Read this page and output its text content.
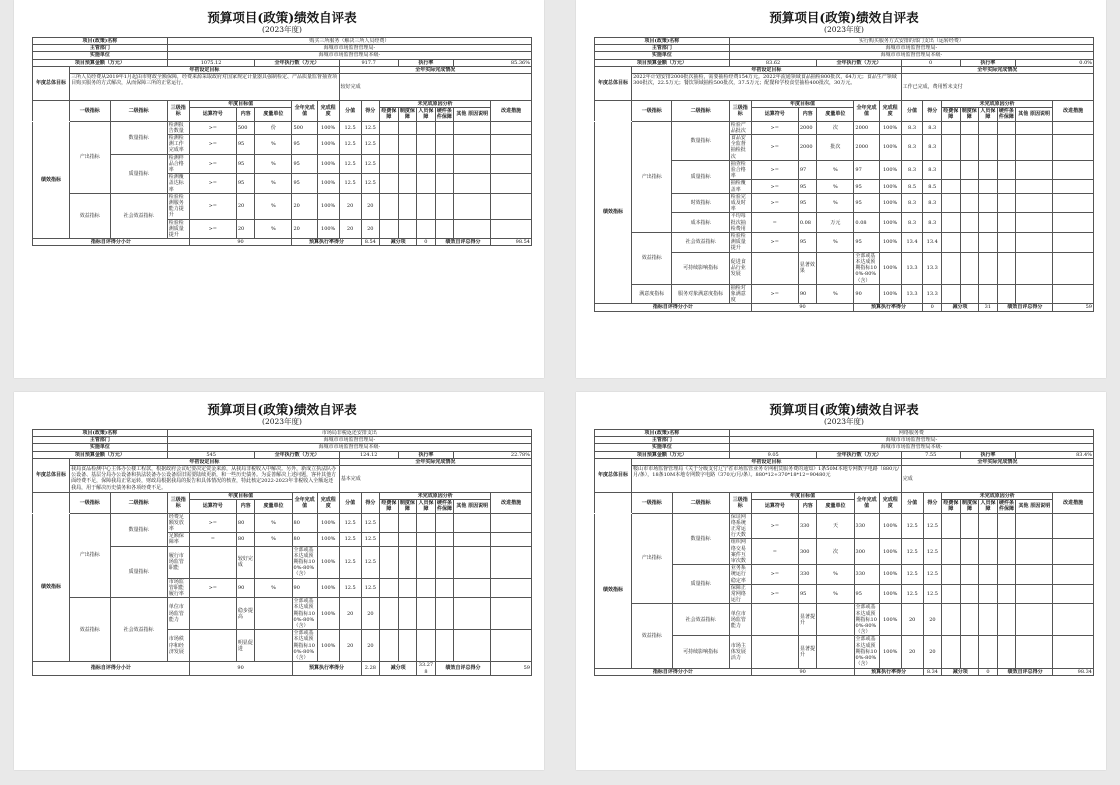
预算项目(政策)绩效自评表
(2023年度)
项目(政策)名称			购买三所服务（解决三所人员经费）													
主管部门			海城市市场监督管理局-													
实施单位			海城市市场监督管理局本级-													
项目预算金额（万元）			1075.12			全年执行数（万元）			917.7			执行率			85.36%	
年度总体目标	年初设定目标								全年实际完成情况							
	三所人员经费从2019年1月起由市财政全额保障，经费来源采取政府对国家规定计量器具强制检定、产品质量监督抽查项目购买服务的方式解决，从而保障三所的正常运行。								较好完成							
	一级指标	二级指标	三级指标	年度目标值			全年完成值	完成程度	分值	得分	未完成原因分析					改进措施
				运算符号	内容	度量单位					经费保障	制度保障	人员保障	硬件条件保障	其他 原因说明	
绩效指标	产出指标	数量指标	检测报告数量	>=	500	份	500	100%	12.5	12.5						
			检测检测工作完成率	>=	95	%	95	100%	12.5	12.5						
		质量指标	检测样品合格率	>=	95	%	95	100%	12.5	12.5						
			检测覆盖达标率	>=	95	%	95	100%	12.5	12.5						
	效益指标	社会效益指标	检验检测服务能力提升	>=	20	%	20	100%	20	20						
			检验检测质量提升	>=	20	%	20	100%	20	20						
指标自评得分小计				90			预算执行率得分			8.54	减分项		0	绩效自评总得分		98.54
预算项目(政策)绩效自评表
(2023年度)
项目(政策)名称			实行购买服务方式安排的部门支出（运转经费）													
主管部门			海城市市场监督管理局-													
实施单位			海城市市场监督管理局本级-													
项目预算金额（万元）			83.62			全年执行数（万元）			0			执行率			0.0%	
年度总体目标	年初设定目标								全年实际完成情况							
	2022年计划安排2000批次抽检，需要抽检经费154万元。2022年流通领域食品抽检800批次，64万元；食品生产领域300批次，22.5万元；餐饮领域抽检500批次，37.5万元；配餐和学校食堂抽检400批次，30万元。								工作已完成，费用暂未支付							
	一级指标	二级指标	三级指标	年度目标值			全年完成值	完成程度	分值	得分	未完成原因分析					改进措施
				运算符号	内容	度量单位					经费保障	制度保障	人员保障	硬件条件保障	其他 原因说明	
绩效指标	产出指标	数量指标	检验产品批次	>=	2000	次	2000	100%	8.3	8.3						
			食品安全监督抽检批次	>=	2000	批次	2000	100%	8.3	8.3						
		质量指标	抽查检验合格率	>=	97	%	97	100%	8.3	8.3						
			抽检覆盖率	>=	95	%	95	100%	8.5	8.5						
		时效指标	检验完成及时率	>=	95	%	95	100%	8.3	8.3						
		成本指标	平均每批次抽检费用	=	0.08	万元	0.08	100%	8.3	8.3						
	效益指标	社会效益指标	检验检测质量提升	>=	95	%	95	100%	13.4	13.4						
		可持续影响指标	促进食品行业发展		显著效果		全部或基本达成预期指标100%-80%（含）	100%	13.3	13.3						
	满意度指标	服务对象满意度指标	抽检对象满意度	>=	90	%	90	100%	13.3	13.3						
指标自评得分小计				90			预算执行率得分			0	减分项		31	绩效自评总得分		59
预算项目(政策)绩效自评表
(2023年度)
项目(政策)名称			市场局非税返还安排支出													
主管部门			海城市市场监督管理局-													
实施单位			海城市市场监督管理局本级-													
项目预算金额（万元）			545			全年执行数（万元）			124.12			执行率			22.78%	
年度总体目标	年初设定目标								全年实际完成情况							
	我局食品检测中心主体办公楼工程款，根据政府会议纪要决定资金来源，从我局非税收入中解决。另外，新成立执法队办公设备、基层分局办公设备和执法装备办公设备原旧需要陆续更新，和一些历史债务。为妥善解决上述问题，客补其他方面经费不足，保障我局正常运转，财政局根据我局的报告和具体情况的核查，特此核定2022-2023年非税收入全额返还我局，用于解决历史债务和各项经费不足。								基本完成							
	一级指标	二级指标	三级指标	年度目标值			全年完成值	完成程度	分值	得分	未完成原因分析					改进措施
				运算符号	内容	度量单位					经费保障	制度保障	人员保障	硬件条件保障	其他 原因说明	
绩效指标	产出指标	数量指标	经费足额发放率	>=	80	%	80	100%	12.5	12.5						
			足额保障率	=	80	%	80	100%	12.5	12.5						
		质量指标	履行市场监管职能		较好完成		全部或基本达成预期指标100%-80%（含）	100%	12.5	12.5						
			市场监管职能履行率	>=	90	%	90	100%	12.5	12.5						
	效益指标	社会效益指标	单位市场监管能力		稳步提高		全部或基本达成预期指标100%-80%（含）	100%	20	20						
			市场秩序和经济发展		明显促进		全部或基本达成预期指标100%-80%（含）	100%	20	20						
指标自评得分小计				90			预算执行率得分			2.28	减分项		33.278	绩效自评总得分		59
预算项目(政策)绩效自评表
(2023年度)
项目(政策)名称			网络服务费													
主管部门			海城市市场监督管理局-													
实施单位			海城市市场监督管理局本级-													
项目预算金额（万元）			9.05			全年执行数（万元）			7.55			执行率			83.4%	
年度总体目标	年初设定目标								全年实际完成情况							
	鞍山市市场监督管理局《关于分级支付辽宁省市场监管业务专网租赁服务费的通知》1条50M本地专网数字电路（880元/月/条），18条10M本地专网数字电路（370元/月/条）。880*12+370*18*12=90480元								完成							
	一级指标	二级指标	三级指标	年度目标值			全年完成值	完成程度	分值	得分	未完成原因分析					改进措施
				运算符号	内容	度量单位					经费保障	制度保障	人员保障	硬件条件保障	其他 原因说明	
绩效指标	产出指标	数量指标	保证网络系统正常运行天数	>=	330	天	330	100%	12.5	12.5						
			组织网络交易案件互审次数	=	300	次	300	100%	12.5	12.5						
		质量指标	业务系统运行稳定率	>=	330	%	330	100%	12.5	12.5						
			保障正常网络运行	>=	95	%	95	100%	12.5	12.5						
	效益指标	社会效益指标	单位市场监管能力		显著提升		全部或基本达成预期指标100%-80%（含）	100%	20	20						
		可持续影响指标	市场主体发展活力		显著提升		全部或基本达成预期指标100%-80%（含）	100%	20	20						
指标自评得分小计				90			预算执行率得分			8.34	减分项		0	绩效自评总得分		98.34
